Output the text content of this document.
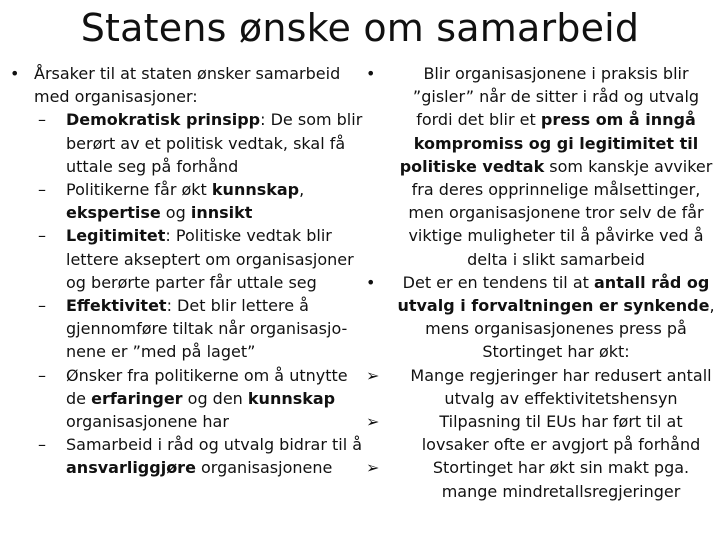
Statens ønske om samarbeid
• Årsaker til at staten ønsker samarbeid med organisasjoner:
– Demokratisk prinsipp: De som blir berørt av et politisk vedtak, skal få uttale seg på forhånd
– Politikerne får økt kunnskap, ekspertise og innsikt
– Legitimitet: Politiske vedtak blir lettere akseptert om organisasjoner og berørte parter får uttale seg
– Effektivitet: Det blir lettere å gjennomføre tiltak når organisasjo-nene er ”med på laget”
– Ønsker fra politikerne om å utnytte de erfaringer og den kunnskap organisasjonene har
– Samarbeid i råd og utvalg bidrar til å ansvarliggjøre organisasjonene
•	Blir organisasjonene i praksis blir ”gisler” når de sitter i råd og utvalg fordi det blir et press om å inngå kompromiss og gi legitimitet til politiske vedtak som kanskje avviker fra deres opprinnelige målsettinger, men organisasjonene tror selv de får viktige muligheter til å påvirke ved å delta i slikt samarbeid
•	Det er en tendens til at antall råd og utvalg i forvaltningen er synkende, mens organisasjonenes press på Stortinget har økt:
➢ Mange regjeringer har redusert antall utvalg av effektivitetshensyn
➢	Tilpasning til EUs har ført til at lovsaker ofte er avgjort på forhånd
➢	Stortinget har økt sin makt pga. mange mindretallsregjeringer
